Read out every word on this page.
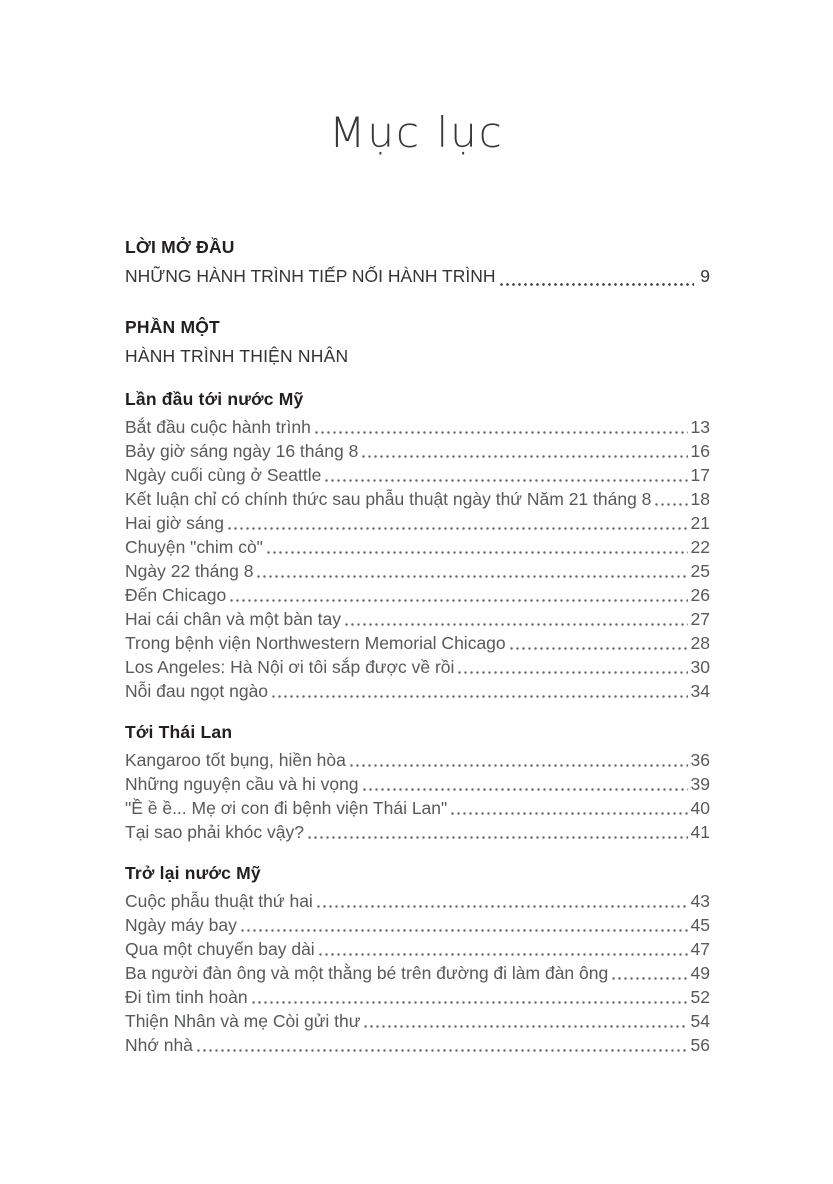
Mục lục
LỜI MỞ ĐẦU
NHỮNG HÀNH TRÌNH TIẾP NỐI HÀNH TRÌNH	9
PHẦN MỘT
HÀNH TRÌNH THIỆN NHÂN
Lần đầu tới nước Mỹ
Bắt đầu cuộc hành trình	13
Bảy giờ sáng ngày 16 tháng 8	16
Ngày cuối cùng ở Seattle	17
Kết luận chỉ có chính thức sau phẫu thuật ngày thứ Năm 21 tháng 8 18
Hai giờ sáng	21
Chuyện "chim cò"	22
Ngày 22 tháng 8	25
Đến Chicago	26
Hai cái chân và một bàn tay	27
Trong bệnh viện Northwestern Memorial Chicago	28
Los Angeles: Hà Nội ơi tôi sắp được về rồi	30
Nỗi đau ngọt ngào	34
Tới Thái Lan
Kangaroo tốt bụng, hiền hòa	36
Những nguyện cầu và hi vọng	39
"Ề ề ề... Mẹ ơi con đi bệnh viện Thái Lan"	40
Tại sao phải khóc vậy?	41
Trở lại nước Mỹ
Cuộc phẫu thuật thứ hai	43
Ngày máy bay	45
Qua một chuyến bay dài	47
Ba người đàn ông và một thằng bé trên đường đi làm đàn ông	49
Đi tìm tinh hoàn	52
Thiện Nhân và mẹ Còi gửi thư	54
Nhớ nhà	56
